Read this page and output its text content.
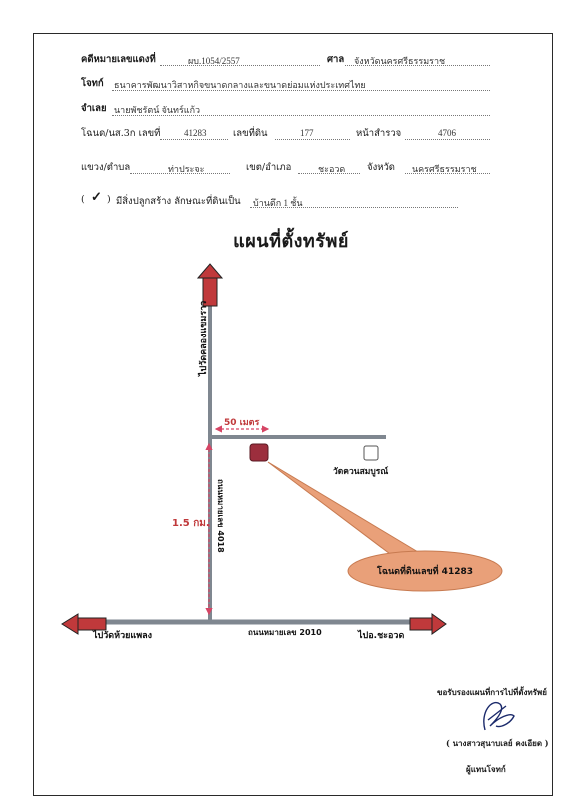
คดีหมายเลขแดงที่	ผบ.1054/2557	ศาล จังหวัดนครศรีธรรมราช
โจทก์ ธนาคารพัฒนาวิสาหกิจขนาดกลางและขนาดย่อมแห่งประเทศไทย
จำเลย นายพัชรัตน์ จันทร์แก้ว
โฉนด/นส.3ก เลขที่	41283	เลขที่ดิน	177	หน้าสำรวจ	4706
แขวง/ตำบล	ท่าประจะ	เขต/อำเภอ	ชะอวด จังหวัด นครศรีธรรมราช
( ✓ ) มีสิ่งปลูกสร้าง ลักษณะที่ดินเป็น บ้านตึก 1 ชั้น
แผนที่ตั้งทรัพย์
ไปวัดคลองแขมราว
50 เมตร
วัดควนสมบูรณ์
1.5 กม. ถนนหมายเลข 4018
โฉนดที่ดินเลขที่ 41283
ไปวัดห้วยแพลง	ถนนหมายเลข 2010	ไปอ.ชะอวด
ขอรับรองแผนที่การไปที่ตั้งทรัพย์
( นางสาวสุนาบเลย์ คงเอียด )
ผู้แทนโจทก์
